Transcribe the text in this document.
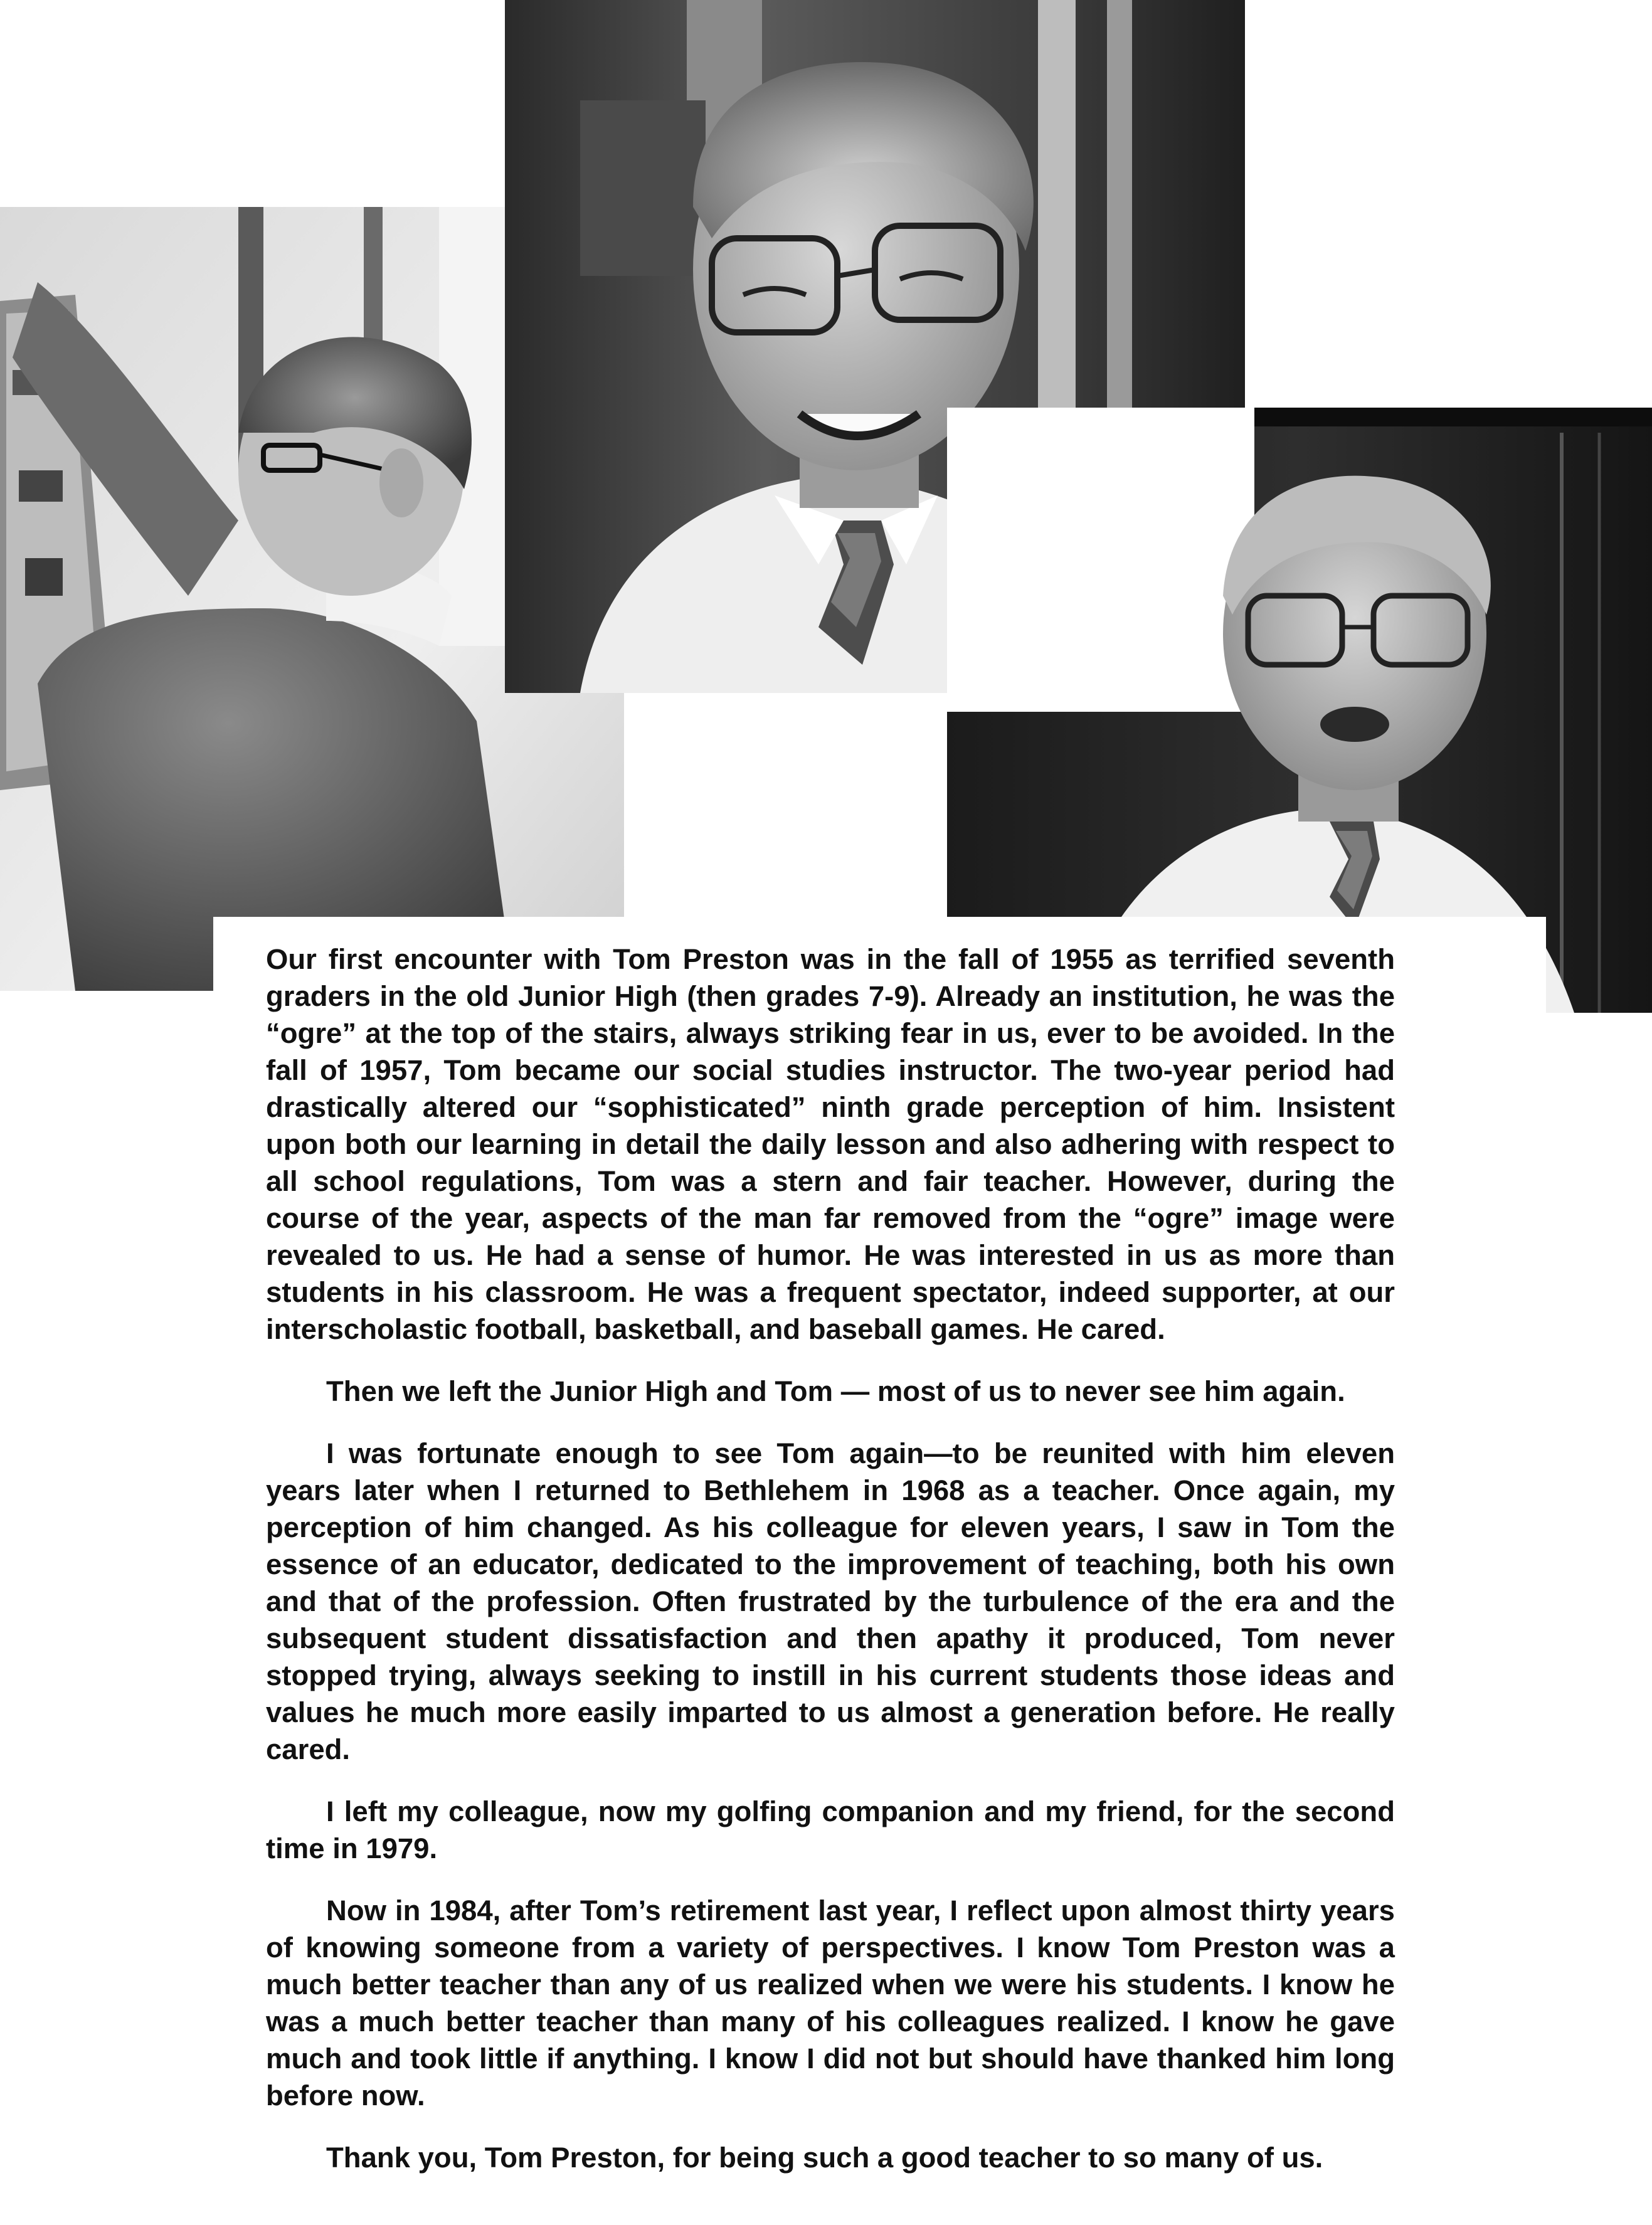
Our first encounter with Tom Preston was in the fall of 1955 as terrified seventh graders in the old Junior High (then grades 7-9). Already an institution, he was the “ogre” at the top of the stairs, always striking fear in us, ever to be avoided. In the fall of 1957, Tom became our social studies instructor. The two-year period had drastically altered our “sophisticated” ninth grade perception of him. Insistent upon both our learning in detail the daily lesson and also adhering with respect to all school regulations, Tom was a stern and fair teacher. However, during the course of the year, aspects of the man far removed from the “ogre” image were revealed to us. He had a sense of humor. He was interested in us as more than students in his classroom. He was a frequent spectator, indeed supporter, at our interscholastic football, basketball, and baseball games. He cared.

Then we left the Junior High and Tom — most of us to never see him again.

I was fortunate enough to see Tom again—to be reunited with him eleven years later when I returned to Bethlehem in 1968 as a teacher. Once again, my perception of him changed. As his colleague for eleven years, I saw in Tom the essence of an educator, dedicated to the improvement of teaching, both his own and that of the profession. Often frustrated by the turbulence of the era and the subsequent student dissatisfaction and then apathy it produced, Tom never stopped trying, always seeking to instill in his current students those ideas and values he much more easily imparted to us almost a generation before. He really cared.

I left my colleague, now my golfing companion and my friend, for the second time in 1979.

Now in 1984, after Tom’s retirement last year, I reflect upon almost thirty years of knowing someone from a variety of perspectives. I know Tom Preston was a much better teacher than any of us realized when we were his students. I know he was a much better teacher than many of his colleagues realized. I know he gave much and took little if anything. I know I did not but should have thanked him long before now.

Thank you, Tom Preston, for being such a good teacher to so many of us.
